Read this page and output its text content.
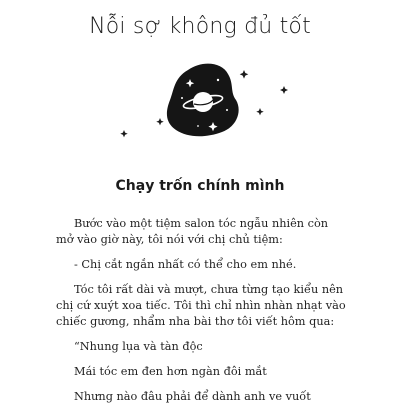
Nỗi sợ không đủ tốt
Chạy trốn chính mình

Bước vào một tiệm salon tóc ngẫu nhiên còn mở vào giờ này, tôi nói với chị chủ tiệm:

- Chị cắt ngắn nhất có thể cho em nhé.

Tóc tôi rất dài và mượt, chưa từng tạo kiểu nên chị cứ xuýt xoa tiếc. Tôi thì chỉ nhìn nhàn nhạt vào chiếc gương, nhẩm nha bài thơ tôi viết hôm qua:

“Nhung lụa và tàn độc

Mái tóc em đen hơn ngàn đôi mắt

Nhưng nào đâu phải để dành anh ve vuốt
